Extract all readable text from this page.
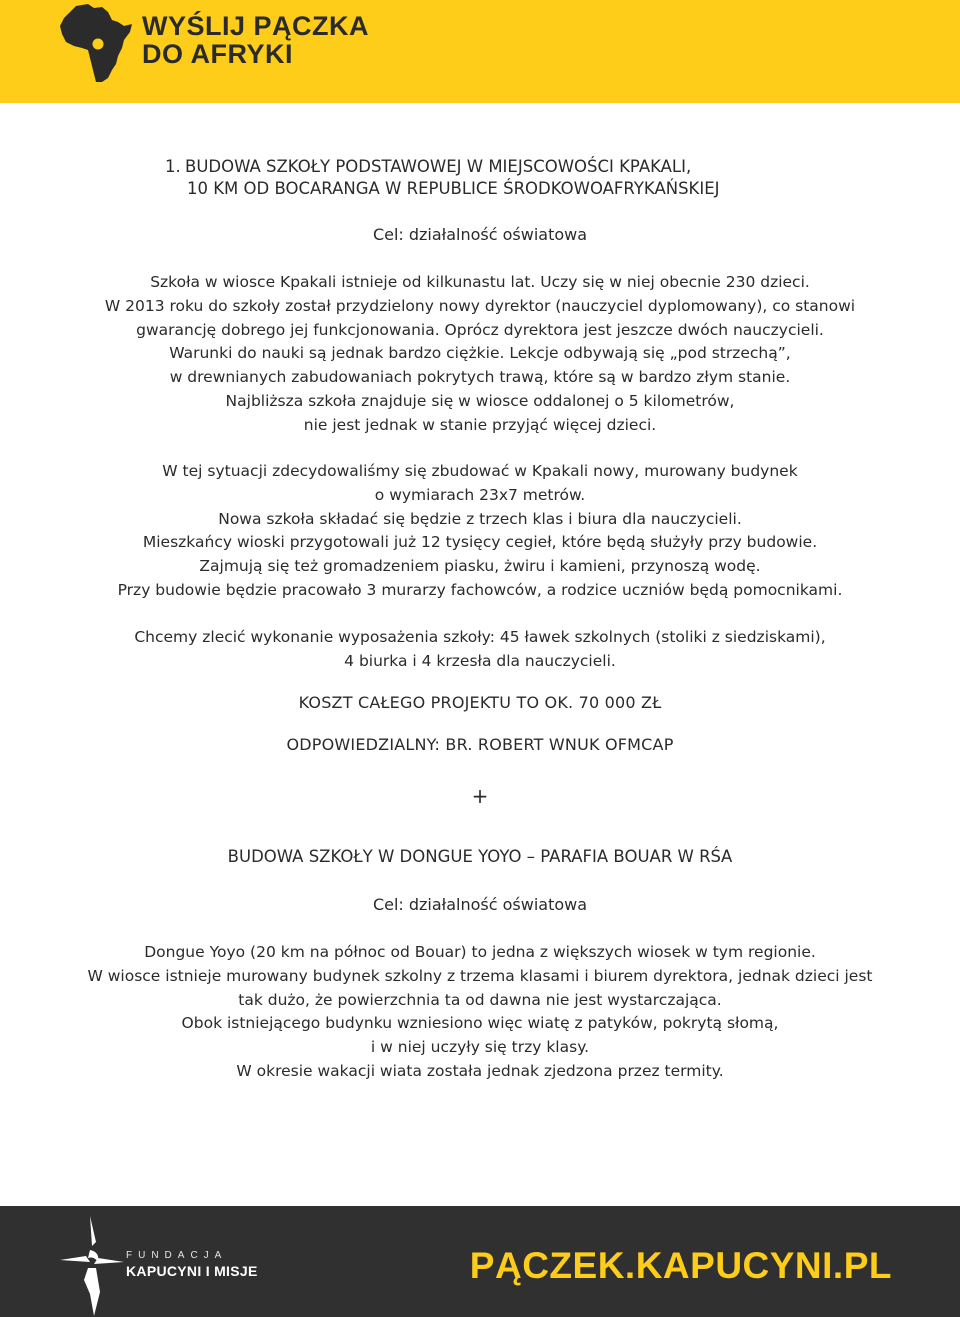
WYŚLIJ PĄCZKA
DO AFRYKI
1. BUDOWA SZKOŁY PODSTAWOWEJ W MIEJSCOWOŚCI KPAKALI,
10 KM OD BOCARANGA W REPUBLICE ŚRODKOWOAFRYKAŃSKIEJ
Cel: działalność oświatowa
Szkoła w wiosce Kpakali istnieje od kilkunastu lat. Uczy się w niej obecnie 230 dzieci.
W 2013 roku do szkoły został przydzielony nowy dyrektor (nauczyciel dyplomowany), co stanowi
gwarancję dobrego jej funkcjonowania. Oprócz dyrektora jest jeszcze dwóch nauczycieli.
Warunki do nauki są jednak bardzo ciężkie. Lekcje odbywają się „pod strzechą”,
w drewnianych zabudowaniach pokrytych trawą, które są w bardzo złym stanie.
Najbliższa szkoła znajduje się w wiosce oddalonej o 5 kilometrów,
nie jest jednak w stanie przyjąć więcej dzieci.
W tej sytuacji zdecydowaliśmy się zbudować w Kpakali nowy, murowany budynek
o wymiarach 23x7 metrów.
Nowa szkoła składać się będzie z trzech klas i biura dla nauczycieli.
Mieszkańcy wioski przygotowali już 12 tysięcy cegieł, które będą służyły przy budowie.
Zajmują się też gromadzeniem piasku, żwiru i kamieni, przynoszą wodę.
Przy budowie będzie pracowało 3 murarzy fachowców, a rodzice uczniów będą pomocnikami.
Chcemy zlecić wykonanie wyposażenia szkoły: 45 ławek szkolnych (stoliki z siedziskami),
4 biurka i 4 krzesła dla nauczycieli.
KOSZT CAŁEGO PROJEKTU TO OK. 70 000 ZŁ
ODPOWIEDZIALNY: BR. ROBERT WNUK OFMCAP
+
BUDOWA SZKOŁY W DONGUE YOYO – PARAFIA BOUAR W RŚA
Cel: działalność oświatowa
Dongue Yoyo (20 km na północ od Bouar) to jedna z większych wiosek w tym regionie.
W wiosce istnieje murowany budynek szkolny z trzema klasami i biurem dyrektora, jednak dzieci jest
tak dużo, że powierzchnia ta od dawna nie jest wystarczająca.
Obok istniejącego budynku wzniesiono więc wiatę z patyków, pokrytą słomą,
i w niej uczyły się trzy klasy.
W okresie wakacji wiata została jednak zjedzona przez termity.
FUNDACJA
KAPUCYNI I MISJE	PĄCZEK.KAPUCYNI.PL
